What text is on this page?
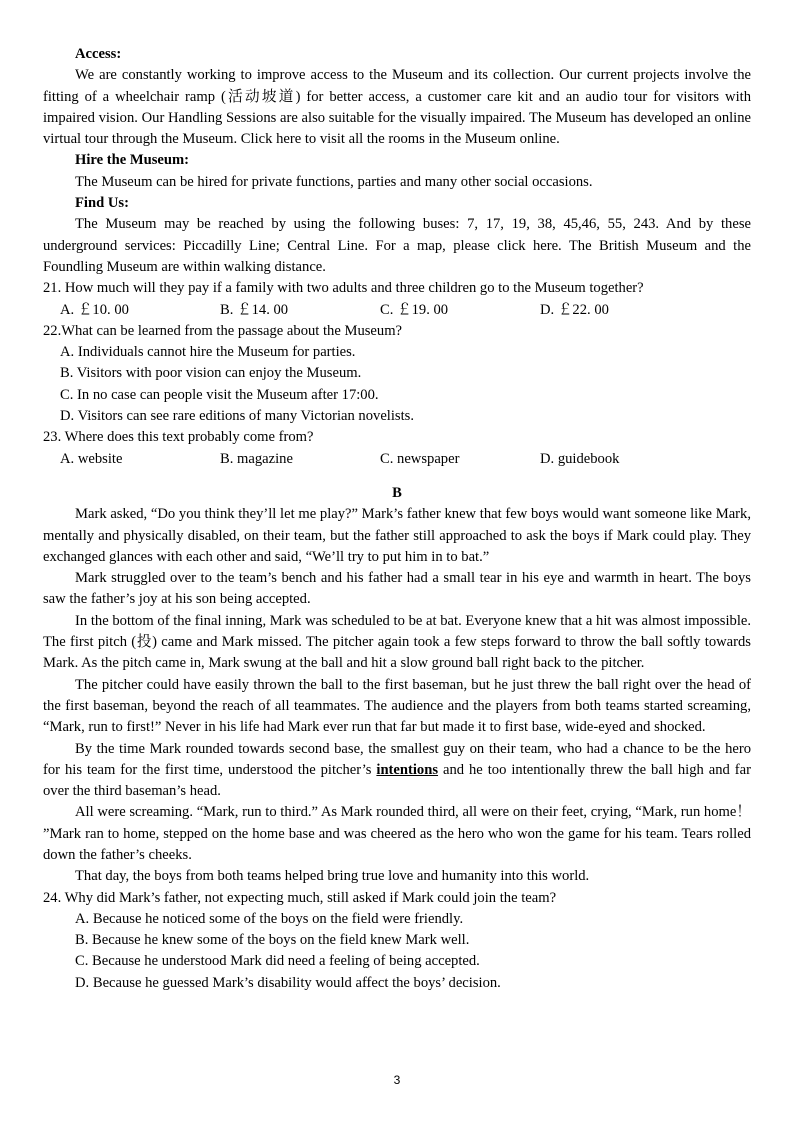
Access:

We are constantly working to improve access to the Museum and its collection. Our current projects involve the fitting of a wheelchair ramp (活动坡道) for better access, a customer care kit and an audio tour for visitors with impaired vision. Our Handling Sessions are also suitable for the visually impaired. The Museum has developed an online virtual tour through the Museum. Click here to visit all the rooms in the Museum online.

Hire the Museum:

The Museum can be hired for private functions, parties and many other social occasions.

Find Us:

The Museum may be reached by using the following buses: 7, 17, 19, 38, 45,46, 55, 243. And by these underground services: Piccadilly Line; Central Line. For a map, please click here. The British Museum and the Foundling Museum are within walking distance.

21. How much will they pay if a family with two adults and three children go to the Museum together?

A. ￡10. 00	B. ￡14. 00	C. ￡19. 00	D. ￡22. 00

22.What can be learned from the passage about the Museum?

A. Individuals cannot hire the Museum for parties.

B. Visitors with poor vision can enjoy the Museum.

C. In no case can people visit the Museum after 17:00.

D. Visitors can see rare editions of many Victorian novelists.

23. Where does this text probably come from?

A. website	B. magazine	C. newspaper	D. guidebook

B

Mark asked, “Do you think they’ll let me play?” Mark’s father knew that few boys would want someone like Mark, mentally and physically disabled, on their team, but the father still approached to ask the boys if Mark could play. They exchanged glances with each other and said, “We’ll try to put him in to bat.”

Mark struggled over to the team’s bench and his father had a small tear in his eye and warmth in heart. The boys saw the father’s joy at his son being accepted.

In the bottom of the final inning, Mark was scheduled to be at bat. Everyone knew that a hit was almost impossible. The first pitch (投) came and Mark missed. The pitcher again took a few steps forward to throw the ball softly towards Mark. As the pitch came in, Mark swung at the ball and hit a slow ground ball right back to the pitcher.

The pitcher could have easily thrown the ball to the first baseman, but he just threw the ball right over the head of the first baseman, beyond the reach of all teammates. The audience and the players from both teams started screaming, “Mark, run to first!” Never in his life had Mark ever run that far but made it to first base, wide-eyed and shocked.

By the time Mark rounded towards second base, the smallest guy on their team, who had a chance to be the hero for his team for the first time, understood the pitcher’s intentions and he too intentionally threw the ball high and far over the third baseman’s head.

All were screaming. “Mark, run to third.” As Mark rounded third, all were on their feet, crying, “Mark, run home！ ”Mark ran to home, stepped on the home base and was cheered as the hero who won the game for his team. Tears rolled down the father’s cheeks.

That day, the boys from both teams helped bring true love and humanity into this world.

24. Why did Mark’s father, not expecting much, still asked if Mark could join the team?

A. Because he noticed some of the boys on the field were friendly.

B. Because he knew some of the boys on the field knew Mark well.

C. Because he understood Mark did need a feeling of being accepted.

D. Because he guessed Mark’s disability would affect the boys’ decision.

3
